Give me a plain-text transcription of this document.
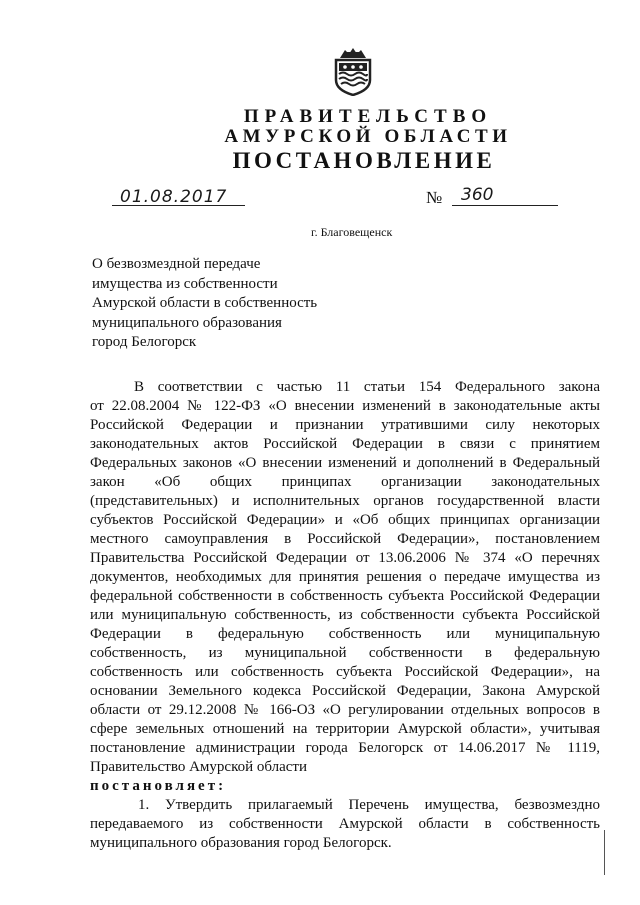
ПРАВИТЕЛЬСТВО
АМУРСКОЙ ОБЛАСТИ
ПОСТАНОВЛЕНИЕ
01.08.2017	№ 360
г. Благовещенск
О безвозмездной передаче
имущества из собственности
Амурской области в собственность
муниципального образования
город Белогорск
В соответствии с частью 11 статьи 154 Федерального закона
от 22.08.2004 № 122-ФЗ «О внесении изменений в законодательные акты
Российской Федерации и признании утратившими силу некоторых
законодательных актов Российской Федерации в связи с принятием
Федеральных законов «О внесении изменений и дополнений в Федеральный
закон «Об общих принципах организации законодательных
(представительных) и исполнительных органов государственной власти
субъектов Российской Федерации» и «Об общих принципах организации
местного самоуправления в Российской Федерации», постановлением
Правительства Российской Федерации от 13.06.2006 № 374 «О перечнях
документов, необходимых для принятия решения о передаче имущества из
федеральной собственности в собственность субъекта Российской Федерации
или муниципальную собственность, из собственности субъекта Российской
Федерации в федеральную собственность или муниципальную
собственность, из муниципальной собственности в федеральную
собственность или собственность субъекта Российской Федерации», на
основании Земельного кодекса Российской Федерации, Закона Амурской
области от 29.12.2008 № 166-ОЗ «О регулировании отдельных вопросов в
сфере земельных отношений на территории Амурской области», учитывая
постановление администрации города Белогорск от 14.06.2017 № 1119,
Правительство Амурской области
постановляет:
1. Утвердить прилагаемый Перечень имущества, безвозмездно
передаваемого из собственности Амурской области в собственность
муниципального образования город Белогорск.
